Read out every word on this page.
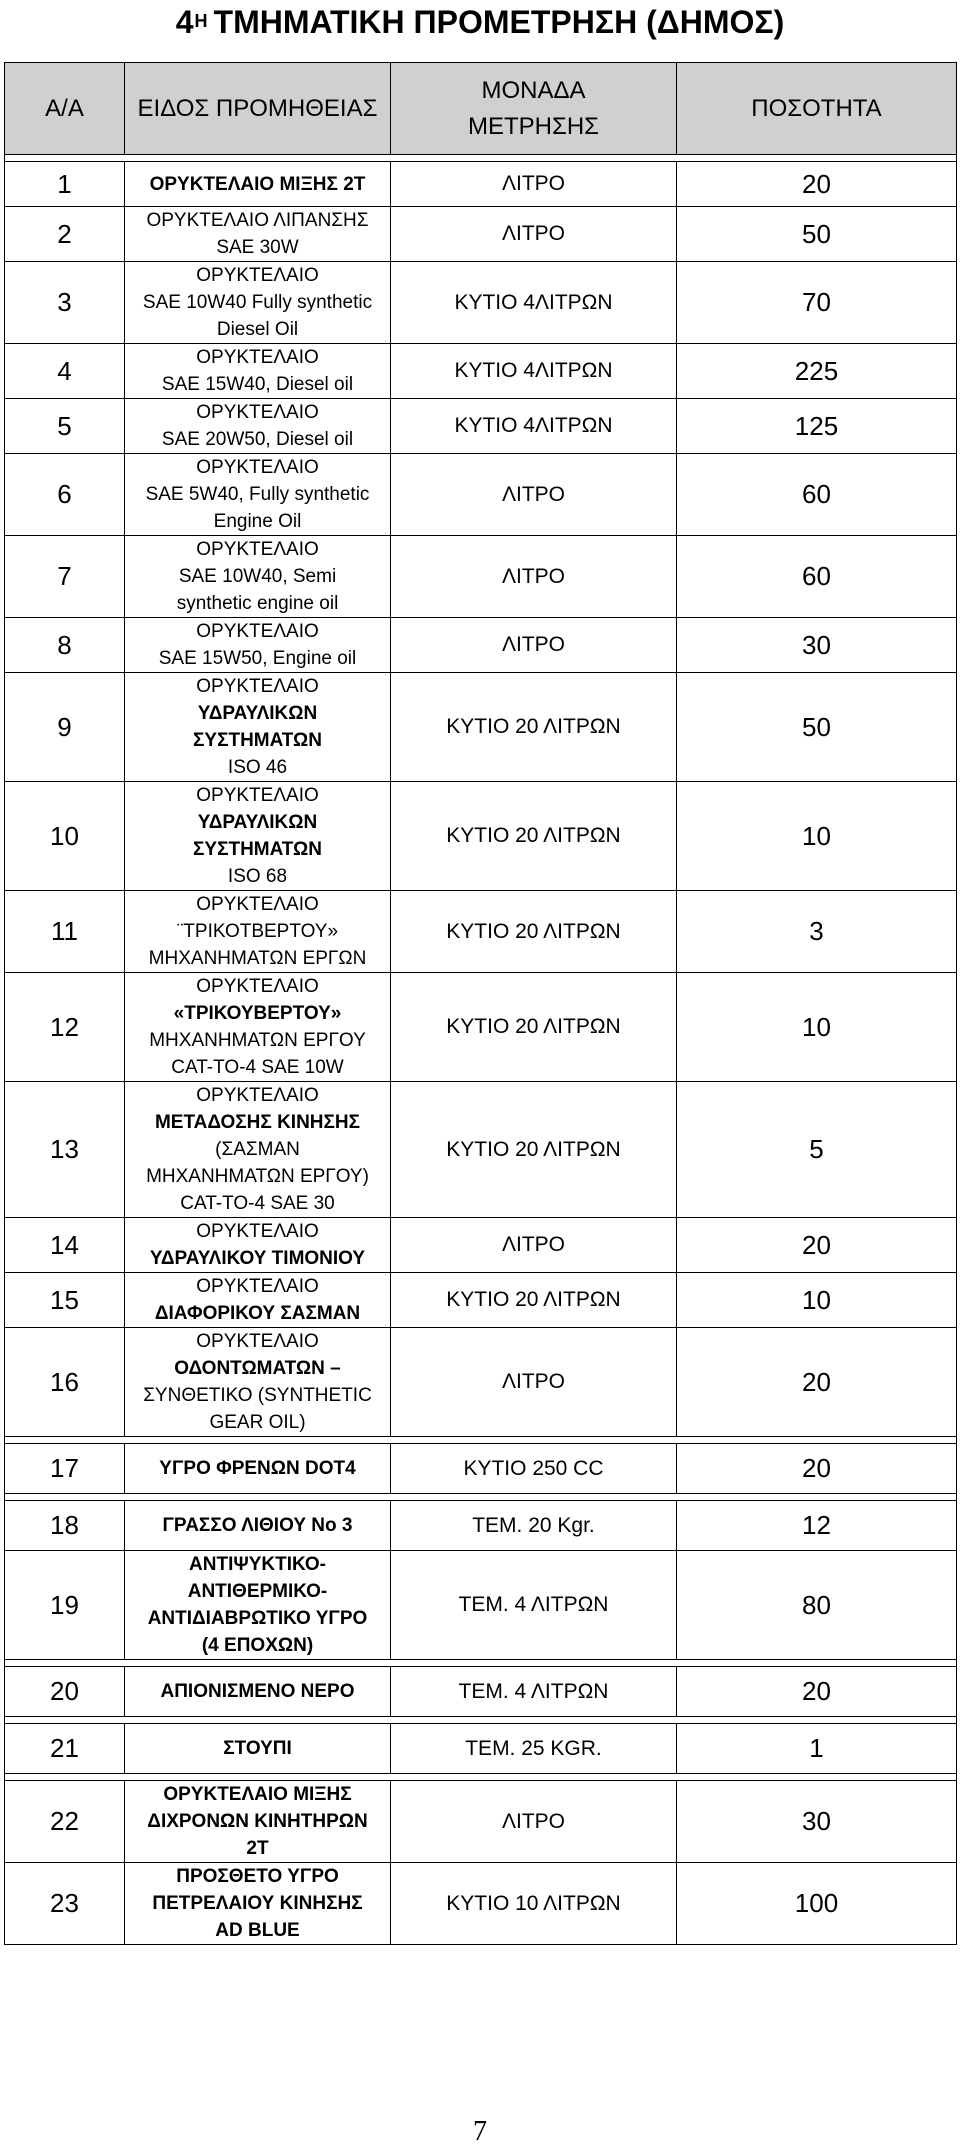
$4^H$ ΤΜΗΜΑΤΙΚΗ ΠΡΟΜΕΤΡΗΣΗ (ΔΗΜΟΣ)
Α/Α	ΕΙΔΟΣ ΠΡΟΜΗΘΕΙΑΣ	ΜΟΝΑΔΑ
ΜΕΤΡΗΣΗΣ	ΠΟΣΟΤΗΤΑ

1	ΟΡΥΚΤΕΛΑΙΟ ΜΙΞΗΣ 2Τ	ΛΙΤΡΟ	20
2	ΟΡΥΚΤΕΛΑΙΟ ΛΙΠΑΝΣΗΣ
SAE 30W	ΛΙΤΡΟ	50
3	ΟΡΥΚΤΕΛΑΙΟ
SAE 10W40 Fully synthetic
Diesel Oil	ΚΥΤΙΟ 4ΛΙΤΡΩΝ	70
4	ΟΡΥΚΤΕΛΑΙΟ
SAE 15W40, Diesel oil	ΚΥΤΙΟ 4ΛΙΤΡΩΝ	225
5	ΟΡΥΚΤΕΛΑΙΟ
SAE 20W50, Diesel oil	ΚΥΤΙΟ 4ΛΙΤΡΩΝ	125
6	ΟΡΥΚΤΕΛΑΙΟ
SAE 5W40, Fully synthetic
Engine Oil	ΛΙΤΡΟ	60
7	ΟΡΥΚΤΕΛΑΙΟ
SAE 10W40, Semi
synthetic engine oil	ΛΙΤΡΟ	60
8	ΟΡΥΚΤΕΛΑΙΟ
SAE 15W50, Engine oil	ΛΙΤΡΟ	30
9	ΟΡΥΚΤΕΛΑΙΟ
ΥΔΡΑΥΛΙΚΩΝ
ΣΥΣΤΗΜΑΤΩΝ
ISO 46	ΚΥΤΙΟ 20 ΛΙΤΡΩΝ	50
10	ΟΡΥΚΤΕΛΑΙΟ
ΥΔΡΑΥΛΙΚΩΝ
ΣΥΣΤΗΜΑΤΩΝ
ISO 68	ΚΥΤΙΟ 20 ΛΙΤΡΩΝ	10
11	ΟΡΥΚΤΕΛΑΙΟ
¨ΤΡΙΚΟΤΒΕΡΤΟΥ»
ΜΗΧΑΝΗΜΑΤΩΝ ΕΡΓΩΝ	ΚΥΤΙΟ 20 ΛΙΤΡΩΝ	3
12	ΟΡΥΚΤΕΛΑΙΟ
«ΤΡΙΚΟΥΒΕΡΤΟΥ»
ΜΗΧΑΝΗΜΑΤΩΝ ΕΡΓΟΥ
CAT-TO-4 SAE 10W	ΚΥΤΙΟ 20 ΛΙΤΡΩΝ	10
13	ΟΡΥΚΤΕΛΑΙΟ
ΜΕΤΑΔΟΣΗΣ ΚΙΝΗΣΗΣ
(ΣΑΣΜΑΝ
ΜΗΧΑΝΗΜΑΤΩΝ ΕΡΓΟΥ)
CAT-TO-4 SAE 30	ΚΥΤΙΟ 20 ΛΙΤΡΩΝ	5
14	ΟΡΥΚΤΕΛΑΙΟ
ΥΔΡΑΥΛΙΚΟΥ ΤΙΜΟΝΙΟΥ	ΛΙΤΡΟ	20
15	ΟΡΥΚΤΕΛΑΙΟ
ΔΙΑΦΟΡΙΚΟΥ ΣΑΣΜΑΝ	ΚΥΤΙΟ 20 ΛΙΤΡΩΝ	10
16	ΟΡΥΚΤΕΛΑΙΟ
ΟΔΟΝΤΩΜΑΤΩΝ –
ΣΥΝΘΕΤΙΚΟ (SYNTHETIC
GEAR OIL)	ΛΙΤΡΟ	20

17	ΥΓΡΟ ΦΡΕΝΩΝ DOT4	ΚΥΤΙΟ 250 CC	20

18	ΓΡΑΣΣΟ ΛΙΘΙΟΥ Νο 3	ΤΕΜ. 20 Kgr.	12
19	ΑΝΤΙΨΥΚΤΙΚΟ-
ΑΝΤΙΘΕΡΜΙΚΟ-
ΑΝΤΙΔΙΑΒΡΩΤΙΚΟ ΥΓΡΟ
(4 ΕΠΟΧΩΝ)	ΤΕΜ. 4 ΛΙΤΡΩΝ	80

20	ΑΠΙΟΝΙΣΜΕΝΟ ΝΕΡΟ	ΤΕΜ. 4 ΛΙΤΡΩΝ	20

21	ΣΤΟΥΠΙ	ΤΕΜ. 25 KGR.	1

22	ΟΡΥΚΤΕΛΑΙΟ ΜΙΞΗΣ
ΔΙΧΡΟΝΩΝ ΚΙΝΗΤΗΡΩΝ
2Τ	ΛΙΤΡΟ	30
23	ΠΡΟΣΘΕΤΟ ΥΓΡΟ
ΠΕΤΡΕΛΑΙΟΥ ΚΙΝΗΣΗΣ
AD BLUE	ΚΥΤΙΟ 10 ΛΙΤΡΩΝ	100
7
